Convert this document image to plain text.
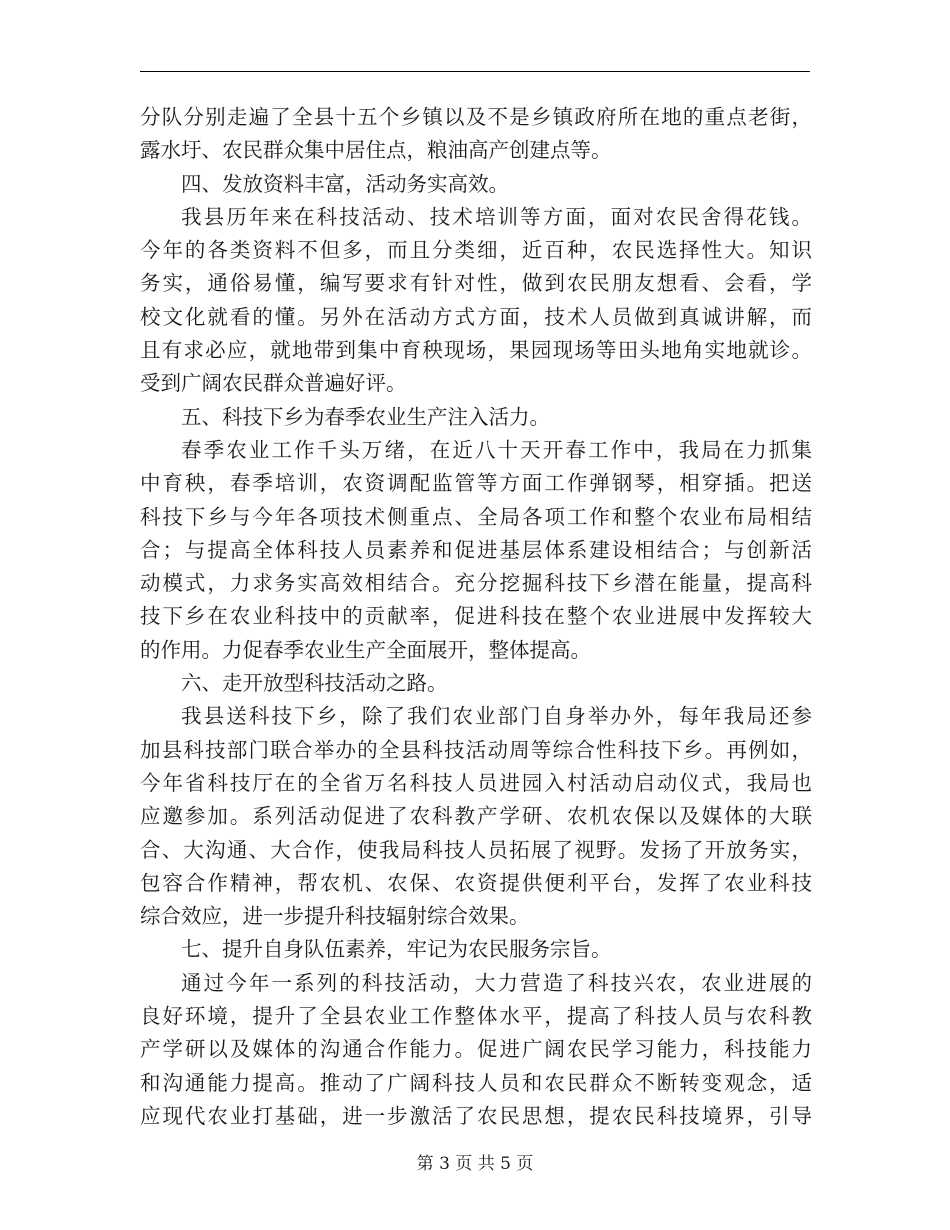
分队分别走遍了全县十五个乡镇以及不是乡镇政府所在地的重点老街，
露水圩、农民群众集中居住点，粮油高产创建点等。
四、发放资料丰富，活动务实高效。
我县历年来在科技活动、技术培训等方面，面对农民舍得花钱。
今年的各类资料不但多，而且分类细，近百种，农民选择性大。知识
务实，通俗易懂，编写要求有针对性，做到农民朋友想看、会看，学
校文化就看的懂。另外在活动方式方面，技术人员做到真诚讲解，而
且有求必应，就地带到集中育秧现场，果园现场等田头地角实地就诊。
受到广阔农民群众普遍好评。
五、科技下乡为春季农业生产注入活力。
春季农业工作千头万绪，在近八十天开春工作中，我局在力抓集
中育秧，春季培训，农资调配监管等方面工作弹钢琴，相穿插。把送
科技下乡与今年各项技术侧重点、全局各项工作和整个农业布局相结
合；与提高全体科技人员素养和促进基层体系建设相结合；与创新活
动模式，力求务实高效相结合。充分挖掘科技下乡潜在能量，提高科
技下乡在农业科技中的贡献率，促进科技在整个农业进展中发挥较大
的作用。力促春季农业生产全面展开，整体提高。
六、走开放型科技活动之路。
我县送科技下乡，除了我们农业部门自身举办外，每年我局还参
加县科技部门联合举办的全县科技活动周等综合性科技下乡。再例如，
今年省科技厅在的全省万名科技人员进园入村活动启动仪式，我局也
应邀参加。系列活动促进了农科教产学研、农机农保以及媒体的大联
合、大沟通、大合作，使我局科技人员拓展了视野。发扬了开放务实，
包容合作精神，帮农机、农保、农资提供便利平台，发挥了农业科技
综合效应，进一步提升科技辐射综合效果。
七、提升自身队伍素养，牢记为农民服务宗旨。
通过今年一系列的科技活动，大力营造了科技兴农，农业进展的
良好环境，提升了全县农业工作整体水平，提高了科技人员与农科教
产学研以及媒体的沟通合作能力。促进广阔农民学习能力，科技能力
和沟通能力提高。推动了广阔科技人员和农民群众不断转变观念，适
应现代农业打基础，进一步激活了农民思想，提农民科技境界，引导
第 3 页 共 5 页
